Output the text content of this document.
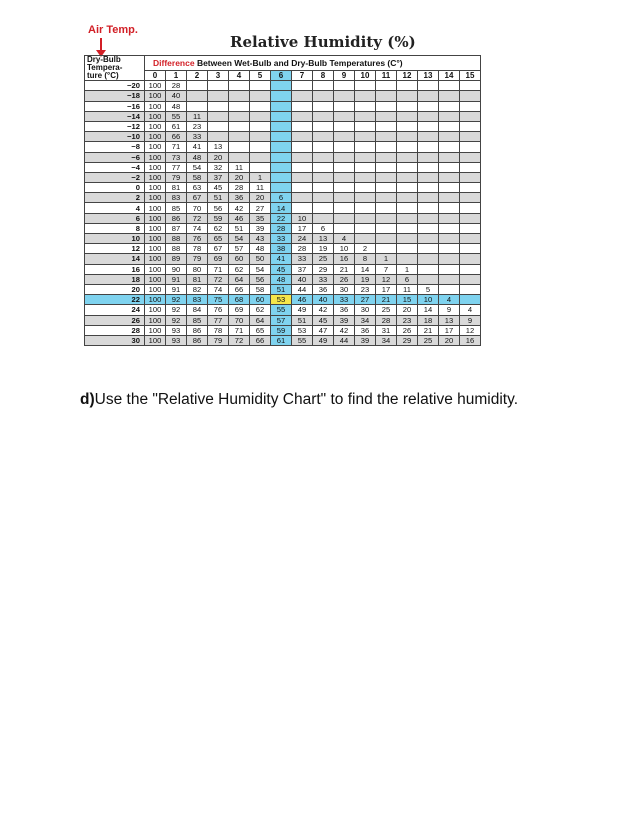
Air Temp.
Relative Humidity (%)
Dry-Bulb
Tempera-
ture (°C)	Difference Between Wet-Bulb and Dry-Bulb Temperatures (C°)															
	0	1	2	3	4	5	6	7	8	9	10	11	12	13	14	15
−20	100	28														
−18	100	40														
−16	100	48														
−14	100	55	11													
−12	100	61	23													
−10	100	66	33													
−8	100	71	41	13												
−6	100	73	48	20												
−4	100	77	54	32	11											
−2	100	79	58	37	20	1										
0	100	81	63	45	28	11										
2	100	83	67	51	36	20	6									
4	100	85	70	56	42	27	14									
6	100	86	72	59	46	35	22	10								
8	100	87	74	62	51	39	28	17	6							
10	100	88	76	65	54	43	33	24	13	4						
12	100	88	78	67	57	48	38	28	19	10	2					
14	100	89	79	69	60	50	41	33	25	16	8	1				
16	100	90	80	71	62	54	45	37	29	21	14	7	1			
18	100	91	81	72	64	56	48	40	33	26	19	12	6			
20	100	91	82	74	66	58	51	44	36	30	23	17	11	5		
22	100	92	83	75	68	60	53	46	40	33	27	21	15	10	4	
24	100	92	84	76	69	62	55	49	42	36	30	25	20	14	9	4
26	100	92	85	77	70	64	57	51	45	39	34	28	23	18	13	9
28	100	93	86	78	71	65	59	53	47	42	36	31	26	21	17	12
30	100	93	86	79	72	66	61	55	49	44	39	34	29	25	20	16
d)Use the "Relative Humidity Chart" to find the relative humidity.
